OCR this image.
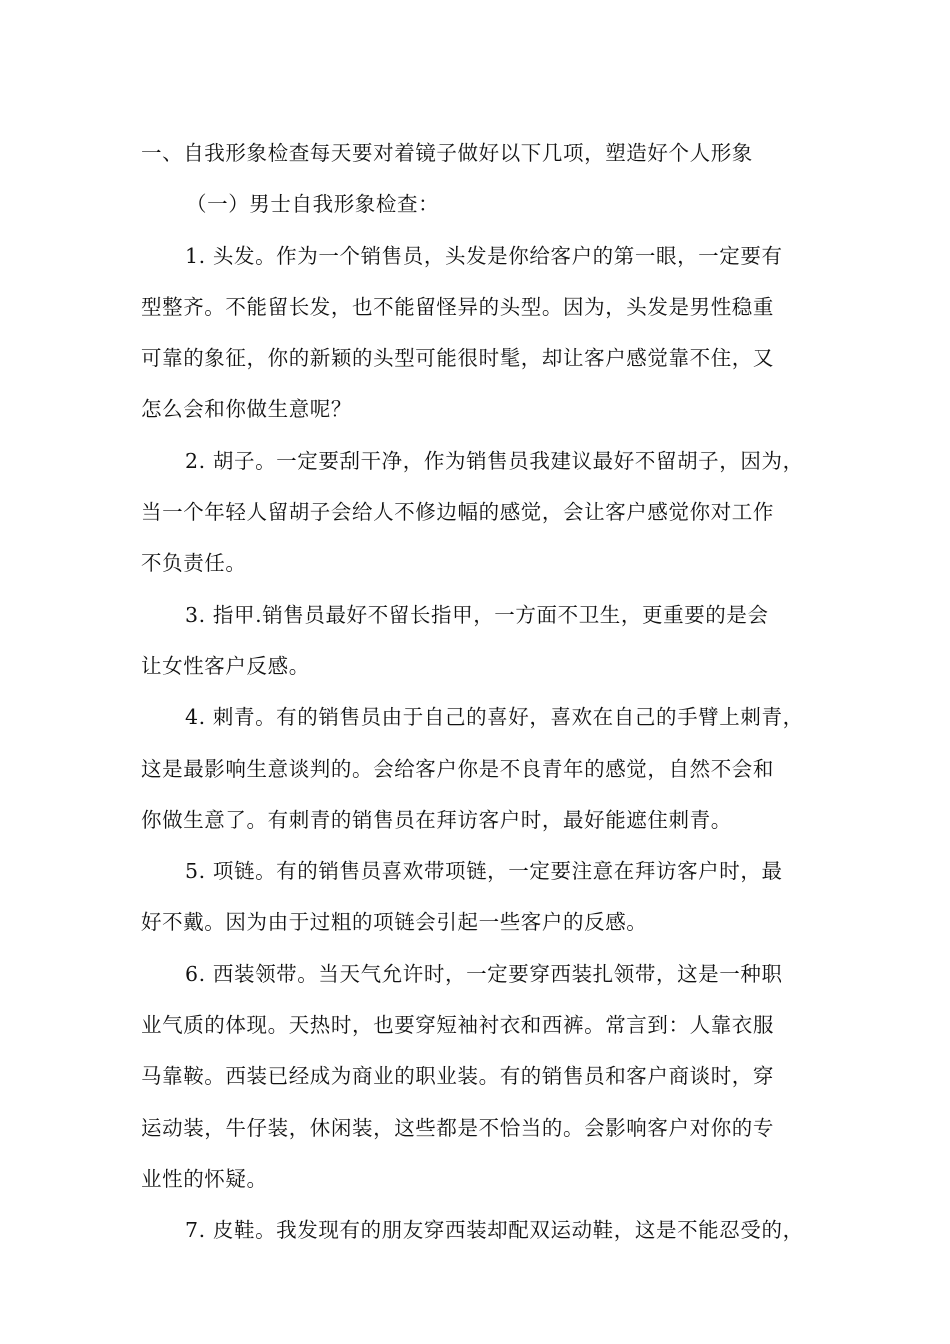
一、自我形象检查每天要对着镜子做好以下几项，塑造好个人形象
（一）男士自我形象检查：
1. 头发。作为一个销售员，头发是你给客户的第一眼，一定要有
型整齐。不能留长发，也不能留怪异的头型。因为，头发是男性稳重
可靠的象征，你的新颖的头型可能很时髦，却让客户感觉靠不住，又
怎么会和你做生意呢？
2. 胡子。一定要刮干净，作为销售员我建议最好不留胡子，因为，
当一个年轻人留胡子会给人不修边幅的感觉，会让客户感觉你对工作
不负责任。
3. 指甲.销售员最好不留长指甲，一方面不卫生，更重要的是会
让女性客户反感。
4. 刺青。有的销售员由于自己的喜好，喜欢在自己的手臂上刺青，
这是最影响生意谈判的。会给客户你是不良青年的感觉，自然不会和
你做生意了。有刺青的销售员在拜访客户时，最好能遮住刺青。
5. 项链。有的销售员喜欢带项链，一定要注意在拜访客户时，最
好不戴。因为由于过粗的项链会引起一些客户的反感。
6. 西装领带。当天气允许时，一定要穿西装扎领带，这是一种职
业气质的体现。天热时，也要穿短袖衬衣和西裤。常言到：人靠衣服
马靠鞍。西装已经成为商业的职业装。有的销售员和客户商谈时，穿
运动装，牛仔装，休闲装，这些都是不恰当的。会影响客户对你的专
业性的怀疑。
7. 皮鞋。我发现有的朋友穿西装却配双运动鞋，这是不能忍受的，
